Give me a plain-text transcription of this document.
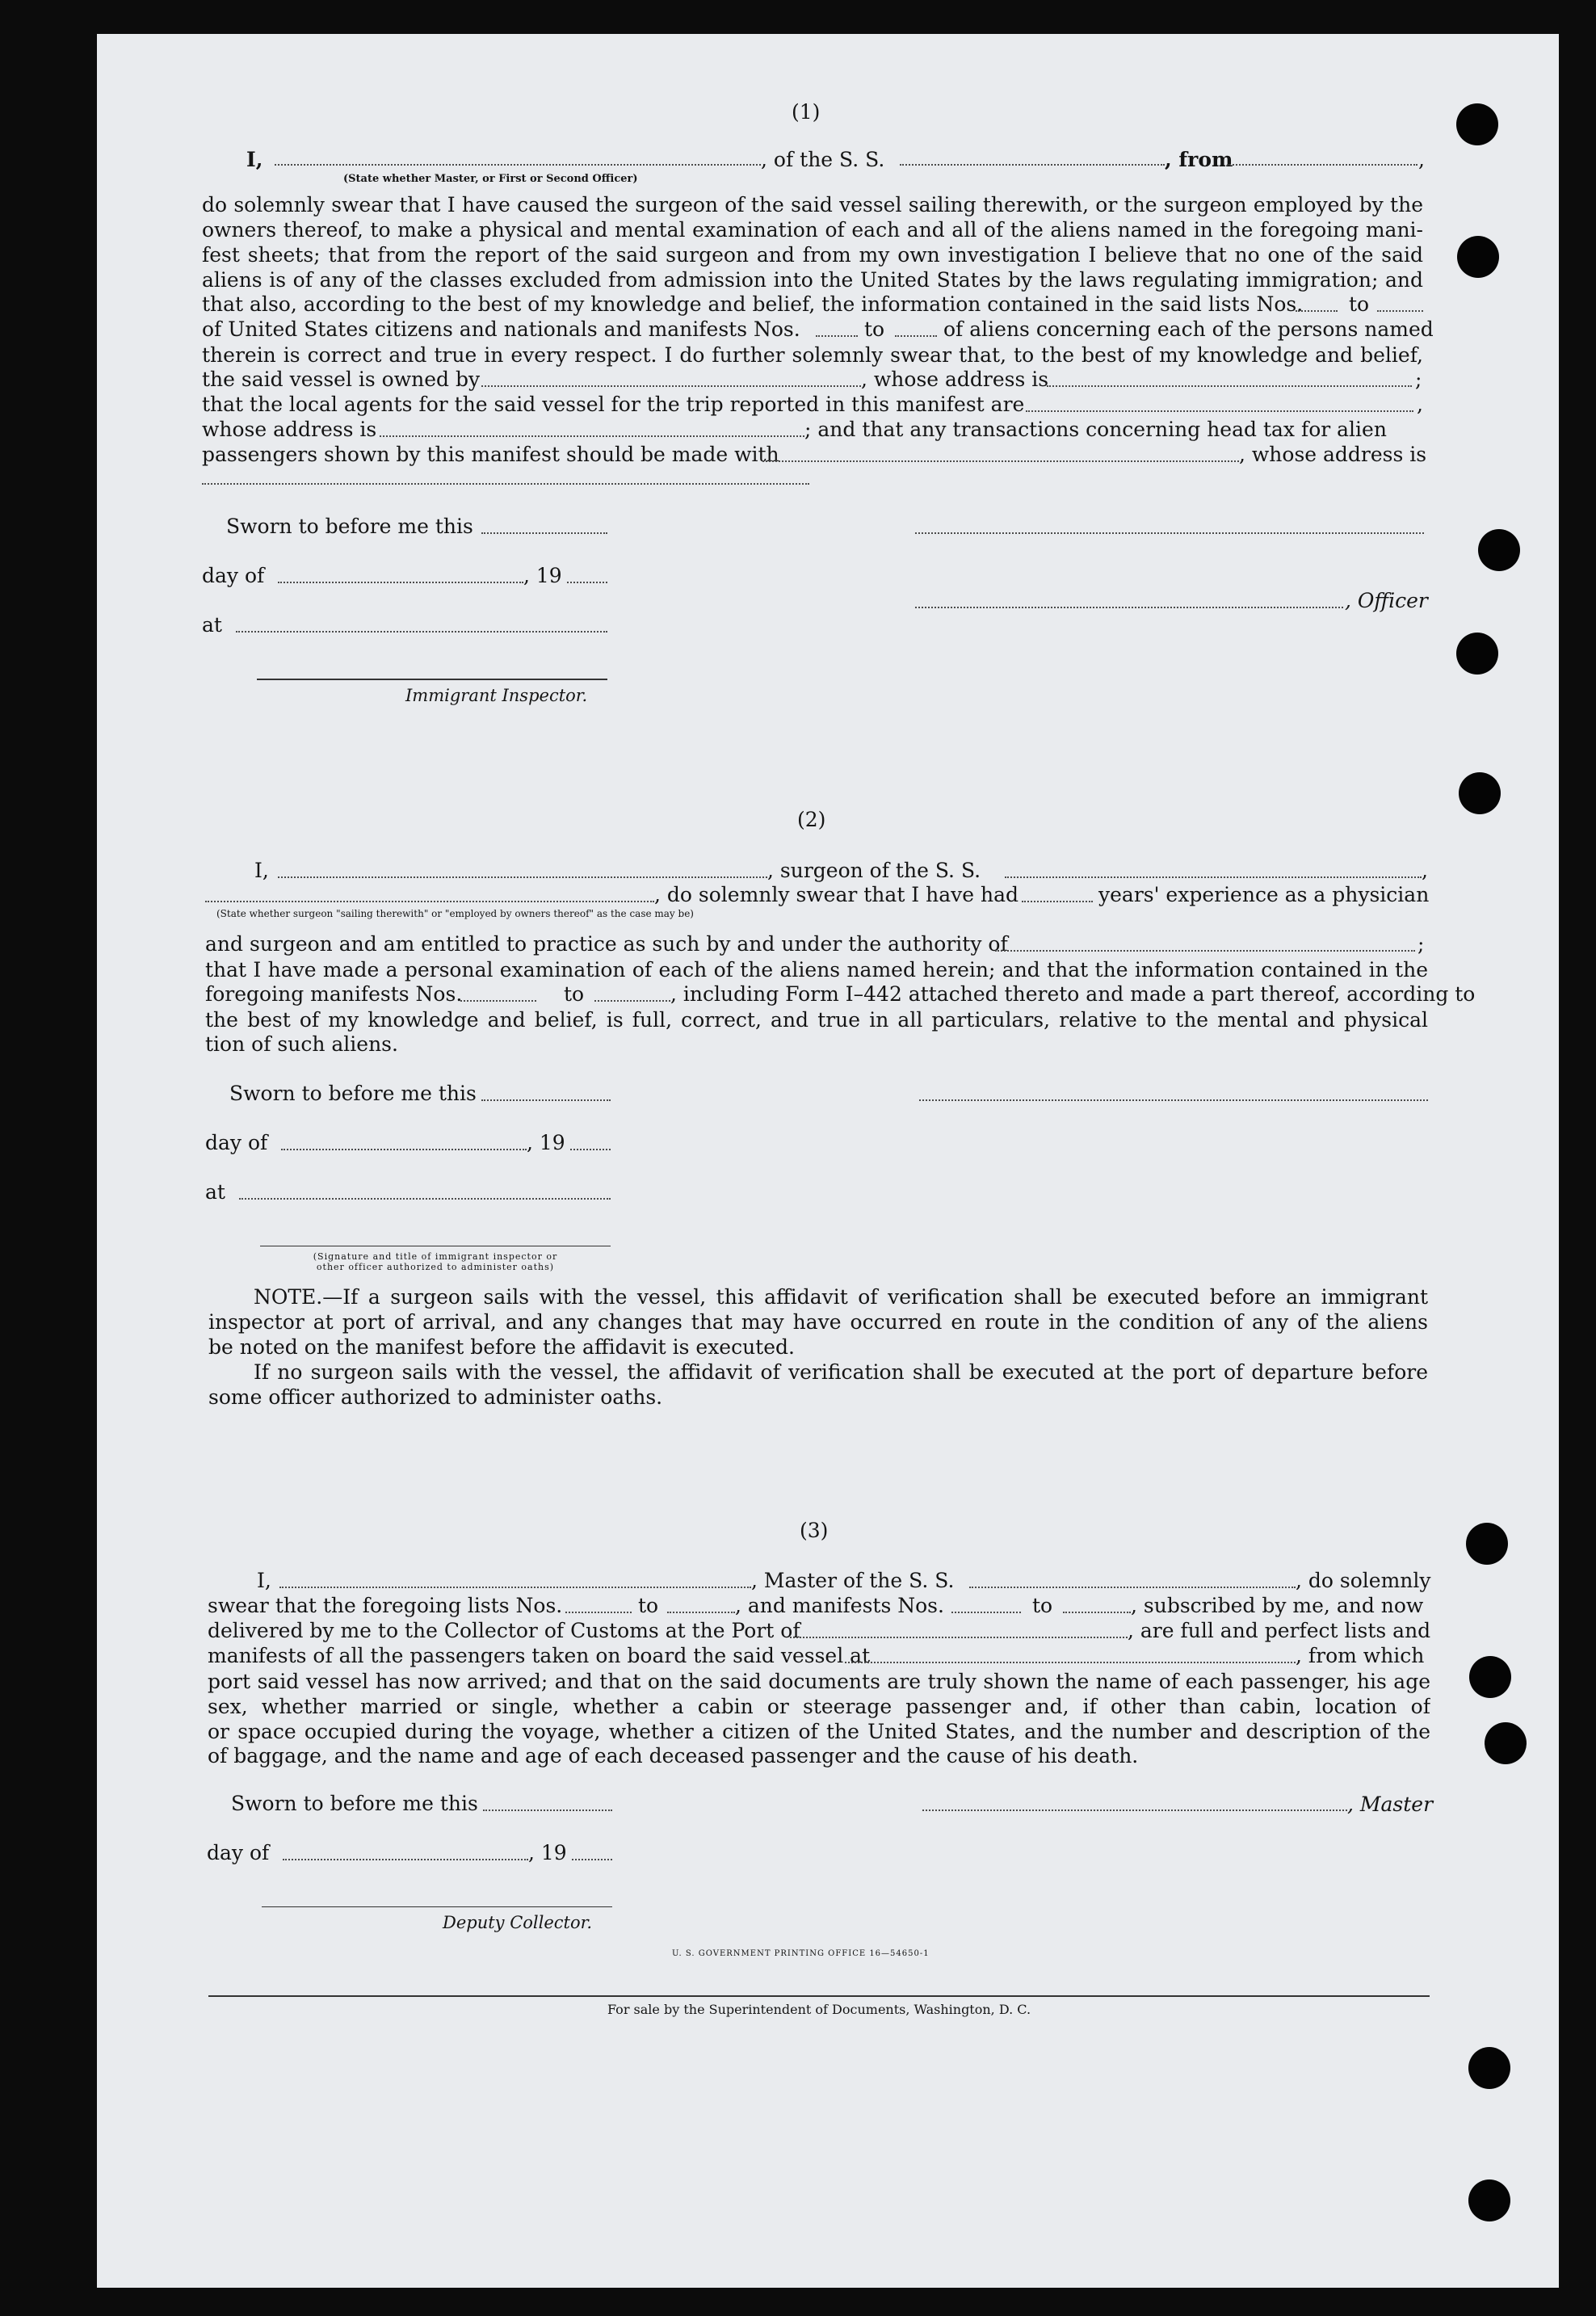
(1)
I,	, of the S. S.	, from	,
(State whether Master, or First or Second Officer)
do solemnly swear that I have caused the surgeon of the said vessel sailing therewith, or the surgeon employed by the
owners thereof, to make a physical and mental examination of each and all of the aliens named in the foregoing mani-
fest sheets; that from the report of the said surgeon and from my own investigation I believe that no one of the said
aliens is of any of the classes excluded from admission into the United States by the laws regulating immigration; and
that also, according to the best of my knowledge and belief, the information contained in the said lists Nos. to
of United States citizens and nationals and manifests Nos.	to	of aliens concerning each of the persons named
therein is correct and true in every respect. I do further solemnly swear that, to the best of my knowledge and belief,
the said vessel is owned by	, whose address is	;
that the local agents for the said vessel for the trip reported in this manifest are	,
whose address is	; and that any transactions concerning head tax for alien
passengers shown by this manifest should be made with	, whose address is
Sworn to before me this
day of	, 19
, Officer
at
Immigrant Inspector.
(2)
I,	, surgeon of the S. S.	,
, do solemnly swear that I have had	years' experience as a physician
(State whether surgeon "sailing therewith" or "employed by owners thereof" as the case may be)
and surgeon and am entitled to practice as such by and under the authority of	;
that I have made a personal examination of each of the aliens named herein; and that the information contained in the
foregoing manifests Nos.	to	, including Form I–442 attached thereto and made a part thereof, according to
the best of my knowledge and belief, is full, correct, and true in all particulars, relative to the mental and physical
tion of such aliens.
Sworn to before me this
day of	, 19
at
(Signature and title of immigrant inspector or
other officer authorized to administer oaths)
NOTE.—If a surgeon sails with the vessel, this affidavit of verification shall be executed before an immigrant
inspector at port of arrival, and any changes that may have occurred en route in the condition of any of the aliens
be noted on the manifest before the affidavit is executed.
If no surgeon sails with the vessel, the affidavit of verification shall be executed at the port of departure before
some officer authorized to administer oaths.
(3)
I,	, Master of the S. S.	, do solemnly
swear that the foregoing lists Nos.	to	, and manifests Nos.	to	, subscribed by me, and now
delivered by me to the Collector of Customs at the Port of	, are full and perfect lists and
manifests of all the passengers taken on board the said vessel at	, from which
port said vessel has now arrived; and that on the said documents are truly shown the name of each passenger, his age
sex, whether married or single, whether a cabin or steerage passenger and, if other than cabin, location of
or space occupied during the voyage, whether a citizen of the United States, and the number and description of the
of baggage, and the name and age of each deceased passenger and the cause of his death.
Sworn to before me this	, Master
day of	, 19
Deputy Collector.
U. S. GOVERNMENT PRINTING OFFICE 16—54650-1
For sale by the Superintendent of Documents, Washington, D. C.
